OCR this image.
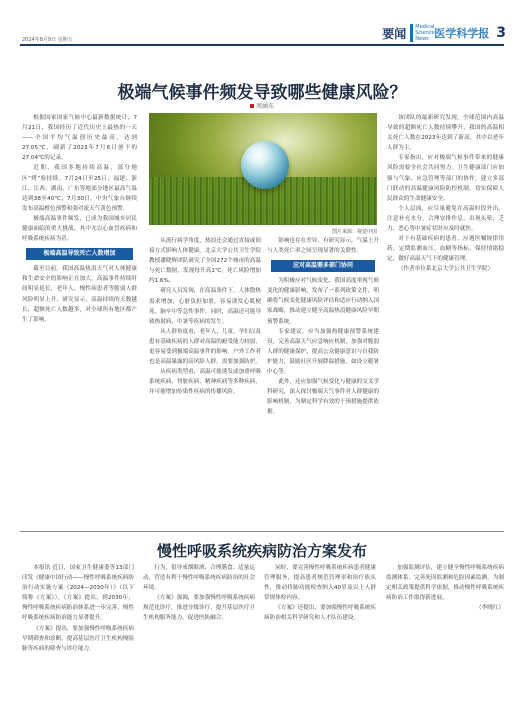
2024年8月9日 星期五	要闻	Medical Science News 医学科学报 3
极端气候事件频发导致哪些健康风险？
周涵东

根据国家国家气候中心最新数据统计，7月21日，我国经历了近代历史上最热的一天——全国平均气温创历史最高，达到27.05℃，刷新了2023年7月6日创下的27.04℃的记录。

近期，我国多地持续高温，部分地区“烤”验持续。7月24日至25日，福建、浙江、江西、湖南、广东等地部分地区最高气温达到38至40℃，7月30日，中央气象台继续发布高温橙色预警和强对流天气黄色预警。

极端高温事件频发，已成为我国城乡居民健康面临的重大挑战，其中尤以心血管疾病和呼吸系统疾病为甚。

极端高温导致死亡人数增加

截至目前，我国高温热浪天气对人体健康和生命安全的影响正在加大，高温事件持续时间明显延长，老年人、慢性病患者等脆弱人群风险明显上升。研究显示，高温持续的天数越长，超额死亡人数越多，对全球所有地区都产生了影响。

图片来源：视觉中国

从流行病学角度，热浪还会通过直接或间接方式影响人体健康。北京大学公共卫生学院教授潘晓辉团队研究了全国272个城市的高温与死亡数据，发现每升高1℃，死亡风险增加约1.6%。

研究人员发现，在高温条件下，人体散热需求增加，心脏负担加重，容易诱发心肌梗死、脑卒中等急性事件。同时，高温还可能导致热射病、中暑等疾病的发生。

从人群角度看，老年人、儿童、孕妇以及患有基础疾病的人群对高温的耐受能力较弱，更容易受到极端高温事件的影响。户外工作者也是高温暴露的高风险人群，需要加强防护。

从疾病类型看，高温可能诱发或加重呼吸系统疾病、肾脏疾病、精神疾病等多种疾病，并可能增加传染性疾病的传播风险。

影响也存在差异，有研究显示，气温上升与人类死亡率之间呈现显著的关联性。

应对高温需多部门协同

为积极应对气候变化，我国高度重视气候变化的健康影响，发布了一系列政策文件，明确将气候变化健康风险评估和适应行动纳入国家战略，推动建立健全高温热浪健康风险早期预警系统。

专家建议，应当加强热健康预警系统建设，完善高温天气应急响应机制，加强对脆弱人群的健康保护，提高公众健康意识与自我防护能力，鼓励社区开展降温措施，如设立避暑中心等。

此外，还应加强气候变化与健康的交叉学科研究，深入探讨极端天气事件对人群健康的影响机制，为制定科学有效的干预措施提供依据。

该团队的最新研究发现，全球范围内高温导致的超额死亡人数持续攀升，我国的高温相关死亡人数在2023年达到了新高，其中以老年人群为主。

专家指出，应对极端气候事件带来的健康风险需要全社会共同努力。卫生健康部门应加强与气象、应急管理等部门的协作，建立多部门联动的高温健康风险防控机制，切实保障人民群众的生命健康安全。

个人层面，应尽量避免在高温时段外出，注意补充水分，合理安排作息，出现头晕、乏力、恶心等中暑症状时应及时就医。

对于有基础疾病的患者，应遵医嘱规律用药，定期监测血压、血糖等指标，保持情绪稳定，做好高温天气下的健康管理。

（作者单位系北京大学公共卫生学院）

慢性呼吸系统疾病防治方案发布

本报讯 近日，国家卫生健康委等13部门印发《健康中国行动——慢性呼吸系统疾病防治行动实施方案（2024—2030年）》（以下简称《方案》）。《方案》提出，到2030年，慢性呼吸系统疾病防治体系进一步完善，慢性呼吸系统疾病防治能力显著提升。

《方案》提出，要加强慢性呼吸系统疾病早期筛查和诊断，提高基层医疗卫生机构慢阻肺等疾病的筛查与诊疗能力。

行为，倡导戒烟限酒、合理膳食、适量运动，营造有利于慢性呼吸系统疾病防治的社会环境。

《方案》强调，要加强慢性呼吸系统疾病规范化诊疗，推进分级诊疗，提升基层医疗卫生机构服务能力，促进医防融合。

同时，要完善慢性呼吸系统疾病患者健康管理服务，提高患者规范管理率和治疗依从性，推动将肺功能检查纳入40岁及以上人群常规体检内容。

《方案》还提出，要加强慢性呼吸系统疾病防治相关科学研究和人才队伍建设。

加强监测评估，建立健全慢性呼吸系统疾病监测体系，完善死因监测和危险因素监测，为制定相关政策提供科学依据，推动慢性呼吸系统疾病防治工作取得新进展。

（李晓红）
